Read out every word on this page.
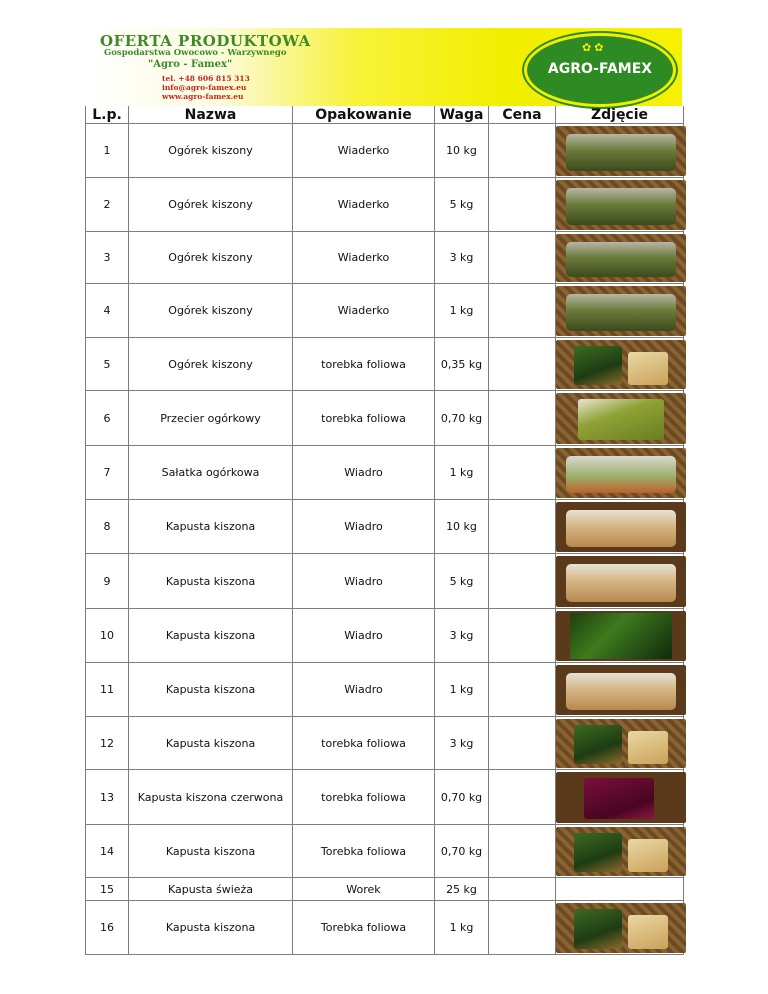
OFERTA PRODUKTOWA
Gospodarstwa Owocowo - Warzywnego
"Agro - Famex"
tel. +48 606 815 313
info@agro-famex.eu
www.agro-famex.eu
✿✿
AGRO-FAMEX
L.p.	Nazwa	Opakowanie	Waga	Cena	Zdjęcie
1	Ogórek kiszony	Wiaderko	10 kg		

2	Ogórek kiszony	Wiaderko	5 kg		

3	Ogórek kiszony	Wiaderko	3 kg		

4	Ogórek kiszony	Wiaderko	1 kg		

5	Ogórek kiszony	torebka foliowa	0,35 kg		

6	Przecier ogórkowy	torebka foliowa	0,70 kg		

7	Sałatka ogórkowa	Wiadro	1 kg		

8	Kapusta kiszona	Wiadro	10 kg		

9	Kapusta kiszona	Wiadro	5 kg		

10	Kapusta kiszona	Wiadro	3 kg		

11	Kapusta kiszona	Wiadro	1 kg		

12	Kapusta kiszona	torebka foliowa	3 kg		

13	Kapusta kiszona czerwona	torebka foliowa	0,70 kg		

14	Kapusta kiszona	Torebka foliowa	0,70 kg		

15	Kapusta świeża	Worek	25 kg		
16	Kapusta kiszona	Torebka foliowa	1 kg		
